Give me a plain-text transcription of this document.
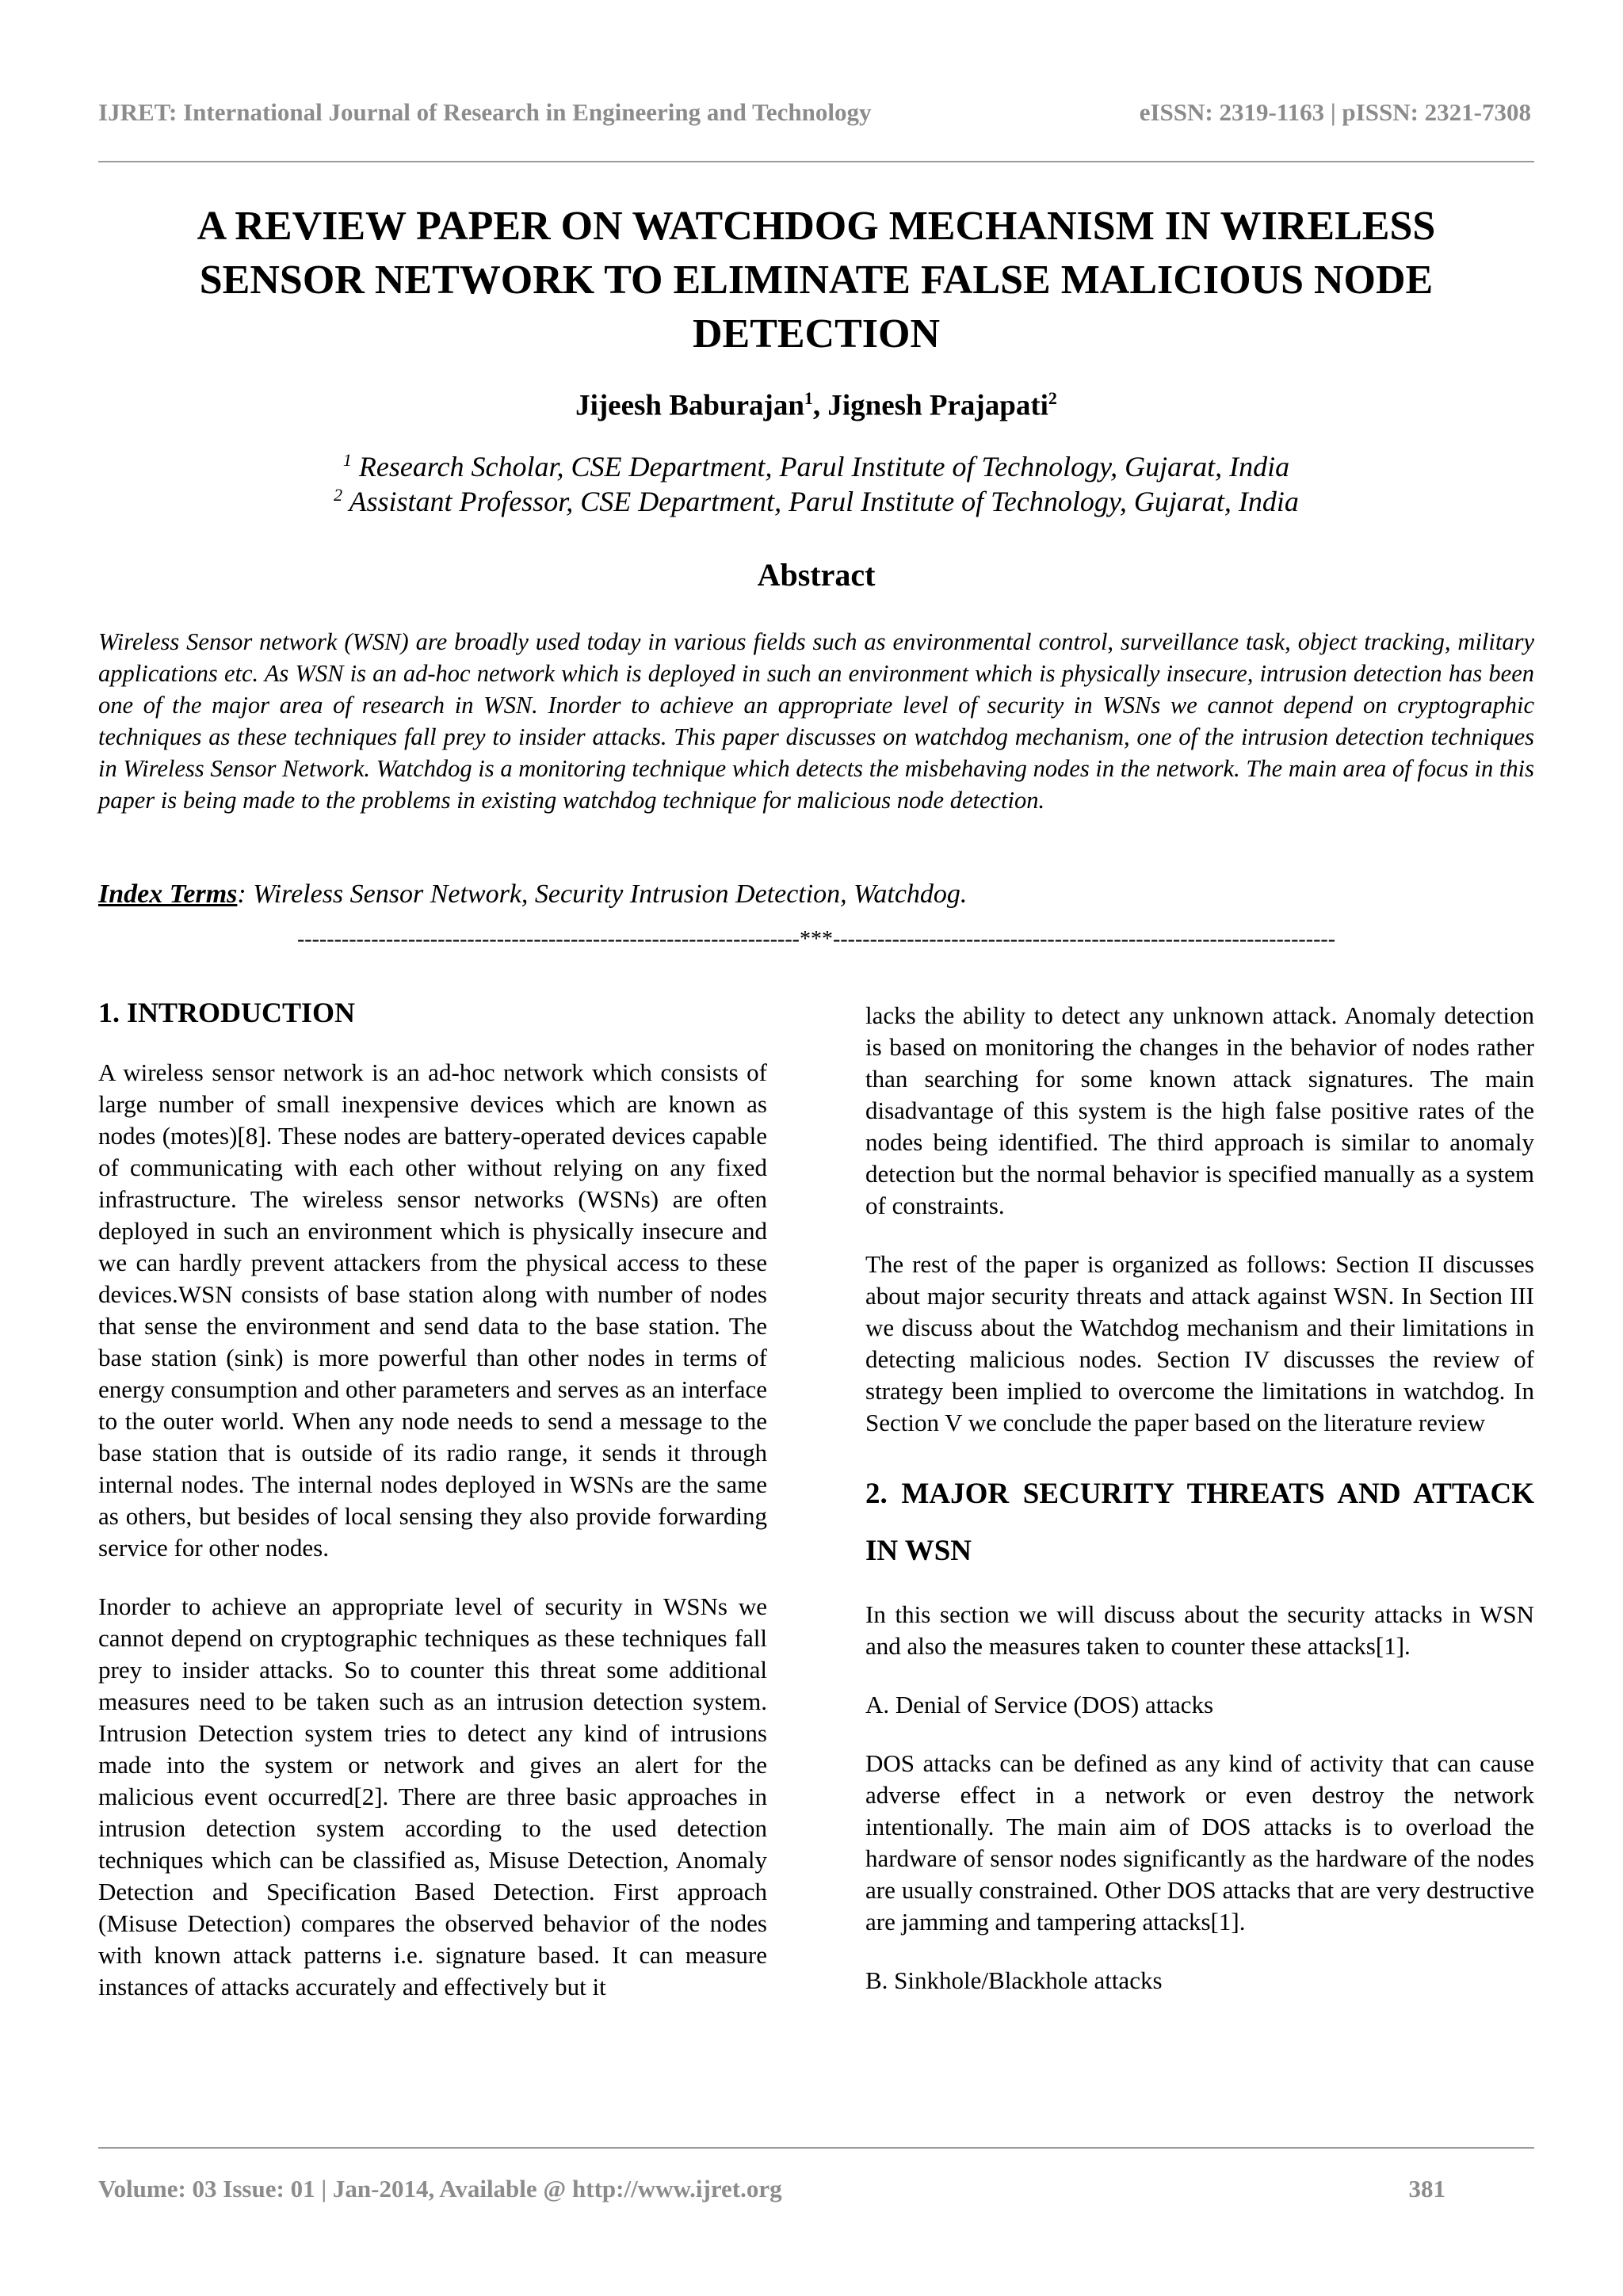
IJRET: International Journal of Research in Engineering and Technology	eISSN: 2319-1163 | pISSN: 2321-7308
A REVIEW PAPER ON WATCHDOG MECHANISM IN WIRELESS
SENSOR NETWORK TO ELIMINATE FALSE MALICIOUS NODE
DETECTION
Jijeesh Baburajan$^1$, Jignesh Prajapati$^2$
$^1$ Research Scholar, CSE Department, Parul Institute of Technology, Gujarat, India
$^2$ Assistant Professor, CSE Department, Parul Institute of Technology, Gujarat, India
Abstract
Wireless Sensor network (WSN) are broadly used today in various fields such as environmental control, surveillance task, object tracking, military applications etc. As WSN is an ad-hoc network which is deployed in such an environment which is physically insecure, intrusion detection has been one of the major area of research in WSN. Inorder to achieve an appropriate level of security in WSNs we cannot depend on cryptographic techniques as these techniques fall prey to insider attacks. This paper discusses on watchdog mechanism, one of the intrusion detection techniques in Wireless Sensor Network. Watchdog is a monitoring technique which detects the misbehaving nodes in the network. The main area of focus in this paper is being made to the problems in existing watchdog technique for malicious node detection.
Index Terms: Wireless Sensor Network, Security Intrusion Detection, Watchdog.
--------------------------------------------------------------------***--------------------------------------------------------------------
1. INTRODUCTION

A wireless sensor network is an ad-hoc network which consists of large number of small inexpensive devices which are known as nodes (motes)[8]. These nodes are battery-operated devices capable of communicating with each other without relying on any fixed infrastructure. The wireless sensor networks (WSNs) are often deployed in such an environment which is physically insecure and we can hardly prevent attackers from the physical access to these devices.WSN consists of base station along with number of nodes that sense the environment and send data to the base station. The base station (sink) is more powerful than other nodes in terms of energy consumption and other parameters and serves as an interface to the outer world. When any node needs to send a message to the base station that is outside of its radio range, it sends it through internal nodes. The internal nodes deployed in WSNs are the same as others, but besides of local sensing they also provide forwarding service for other nodes.

Inorder to achieve an appropriate level of security in WSNs we cannot depend on cryptographic techniques as these techniques fall prey to insider attacks. So to counter this threat some additional measures need to be taken such as an intrusion detection system. Intrusion Detection system tries to detect any kind of intrusions made into the system or network and gives an alert for the malicious event occurred[2]. There are three basic approaches in intrusion detection system according to the used detection techniques which can be classified as, Misuse Detection, Anomaly Detection and Specification Based Detection. First approach (Misuse Detection) compares the observed behavior of the nodes with known attack patterns i.e. signature based. It can measure instances of attacks accurately and effectively but it

lacks the ability to detect any unknown attack. Anomaly detection is based on monitoring the changes in the behavior of nodes rather than searching for some known attack signatures. The main disadvantage of this system is the high false positive rates of the nodes being identified. The third approach is similar to anomaly detection but the normal behavior is specified manually as a system of constraints.

The rest of the paper is organized as follows: Section II discusses about major security threats and attack against WSN. In Section III we discuss about the Watchdog mechanism and their limitations in detecting malicious nodes. Section IV discusses the review of strategy been implied to overcome the limitations in watchdog. In Section V we conclude the paper based on the literature review

2. MAJOR SECURITY THREATS AND ATTACK IN WSN

In this section we will discuss about the security attacks in WSN and also the measures taken to counter these attacks[1].

A. Denial of Service (DOS) attacks

DOS attacks can be defined as any kind of activity that can cause adverse effect in a network or even destroy the network intentionally. The main aim of DOS attacks is to overload the hardware of sensor nodes significantly as the hardware of the nodes are usually constrained. Other DOS attacks that are very destructive are jamming and tampering attacks[1].

B. Sinkhole/Blackhole attacks

Volume: 03 Issue: 01 | Jan-2014, Available @ http://www.ijret.org	381
